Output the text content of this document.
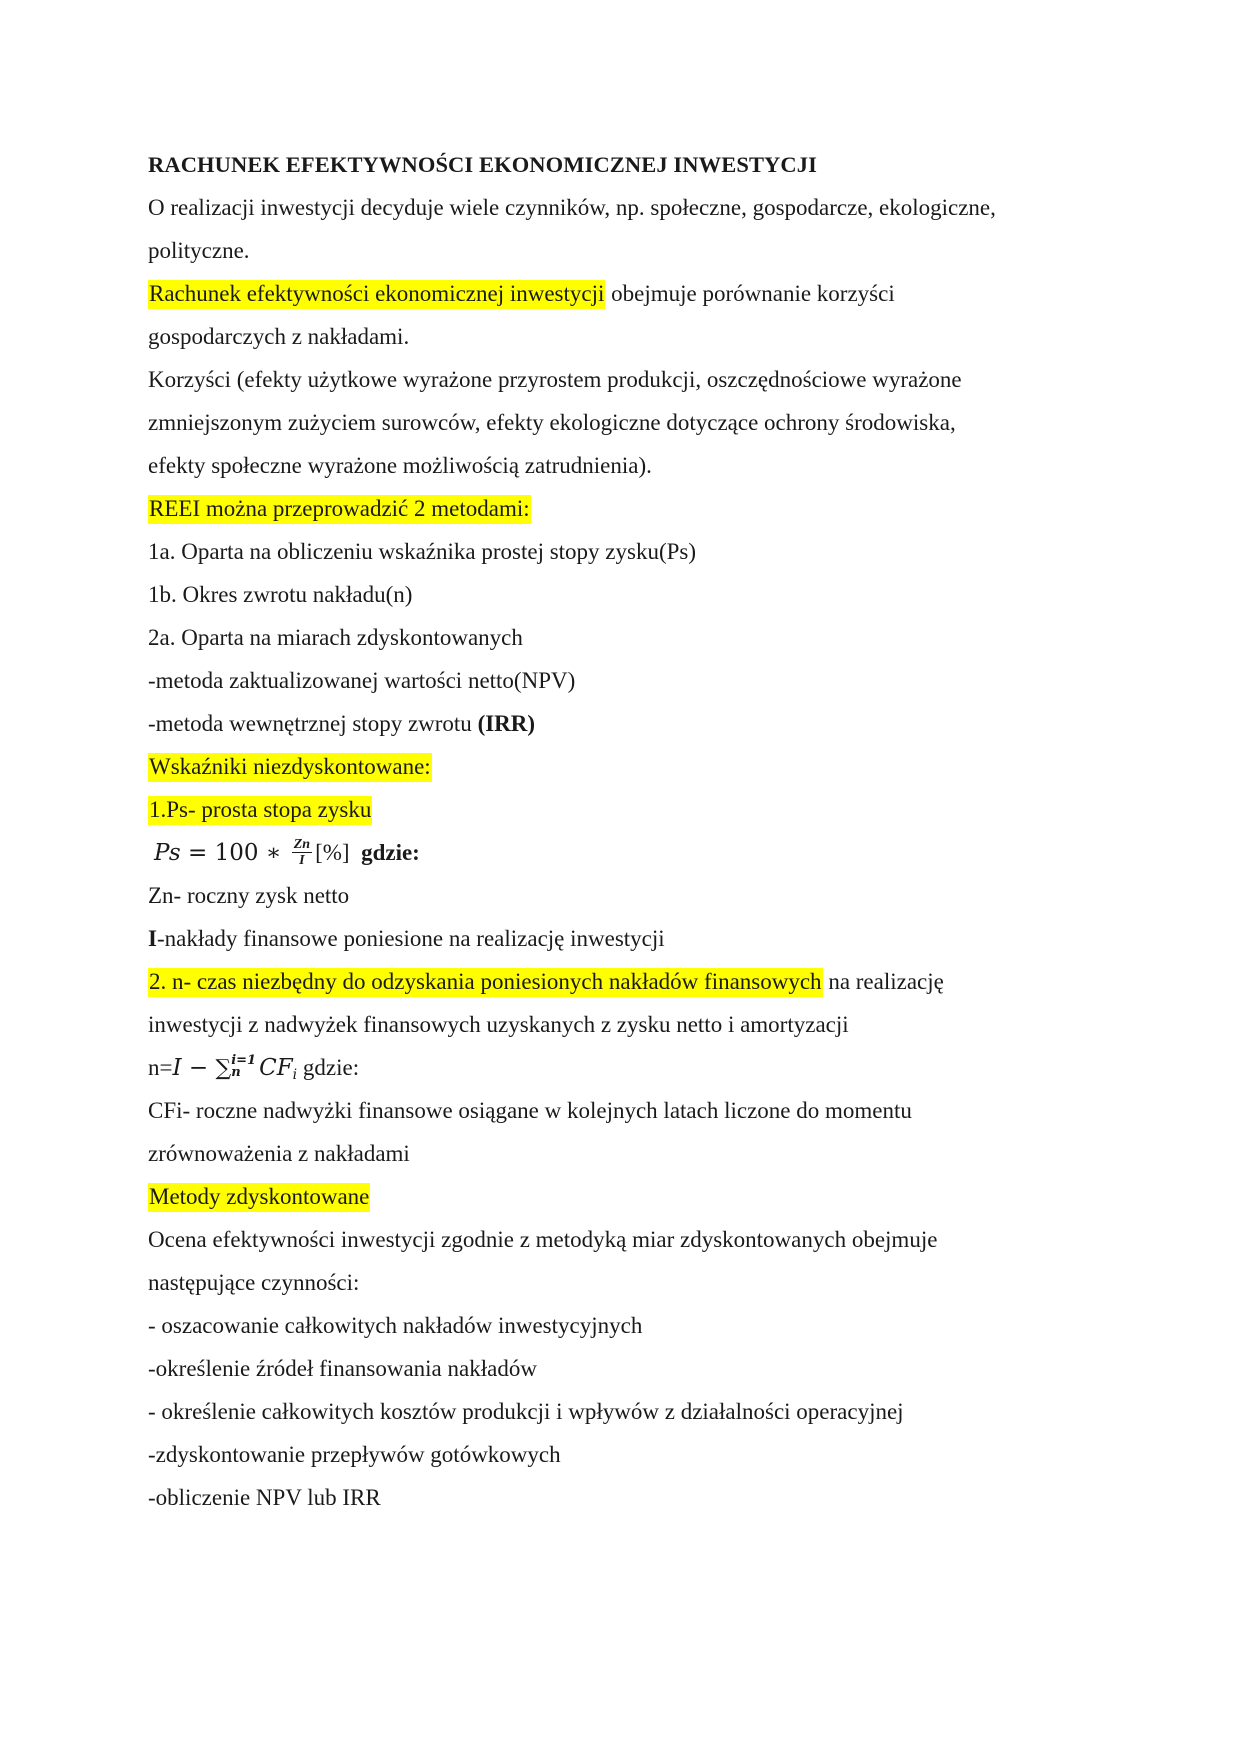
RACHUNEK EFEKTYWNOŚCI EKONOMICZNEJ INWESTYCJI
O realizacji inwestycji decyduje wiele czynników, np. społeczne, gospodarcze, ekologiczne,
polityczne.
Rachunek efektywności ekonomicznej inwestycji obejmuje porównanie korzyści
gospodarczych z nakładami.
Korzyści (efekty użytkowe wyrażone przyrostem produkcji, oszczędnościowe wyrażone
zmniejszonym zużyciem surowców, efekty ekologiczne dotyczące ochrony środowiska,
efekty społeczne wyrażone możliwością zatrudnienia).
REEI można przeprowadzić 2 metodami:
1a. Oparta na obliczeniu wskaźnika prostej stopy zysku(Ps)
1b. Okres zwrotu nakładu(n)
2a. Oparta na miarach zdyskontowanych
-metoda zaktualizowanej wartości netto(NPV)
-metoda wewnętrznej stopy zwrotu (IRR)
Wskaźniki niezdyskontowane:
1.Ps- prosta stopa zysku
Ps = 100 ∗ $\frac{Zn}{I}$ [%] gdzie:
Zn- roczny zysk netto
I-nakłady finansowe poniesione na realizację inwestycji
2. n- czas niezbędny do odzyskania poniesionych nakładów finansowych na realizację
inwestycji z nadwyżek finansowych uzyskanych z zysku netto i amortyzacji
n=I − ∑ i=1
n $CF_i$ gdzie:
CFi- roczne nadwyżki finansowe osiągane w kolejnych latach liczone do momentu
zrównoważenia z nakładami
Metody zdyskontowane
Ocena efektywności inwestycji zgodnie z metodyką miar zdyskontowanych obejmuje
następujące czynności:
- oszacowanie całkowitych nakładów inwestycyjnych
-określenie źródeł finansowania nakładów
- określenie całkowitych kosztów produkcji i wpływów z działalności operacyjnej
-zdyskontowanie przepływów gotówkowych
-obliczenie NPV lub IRR
